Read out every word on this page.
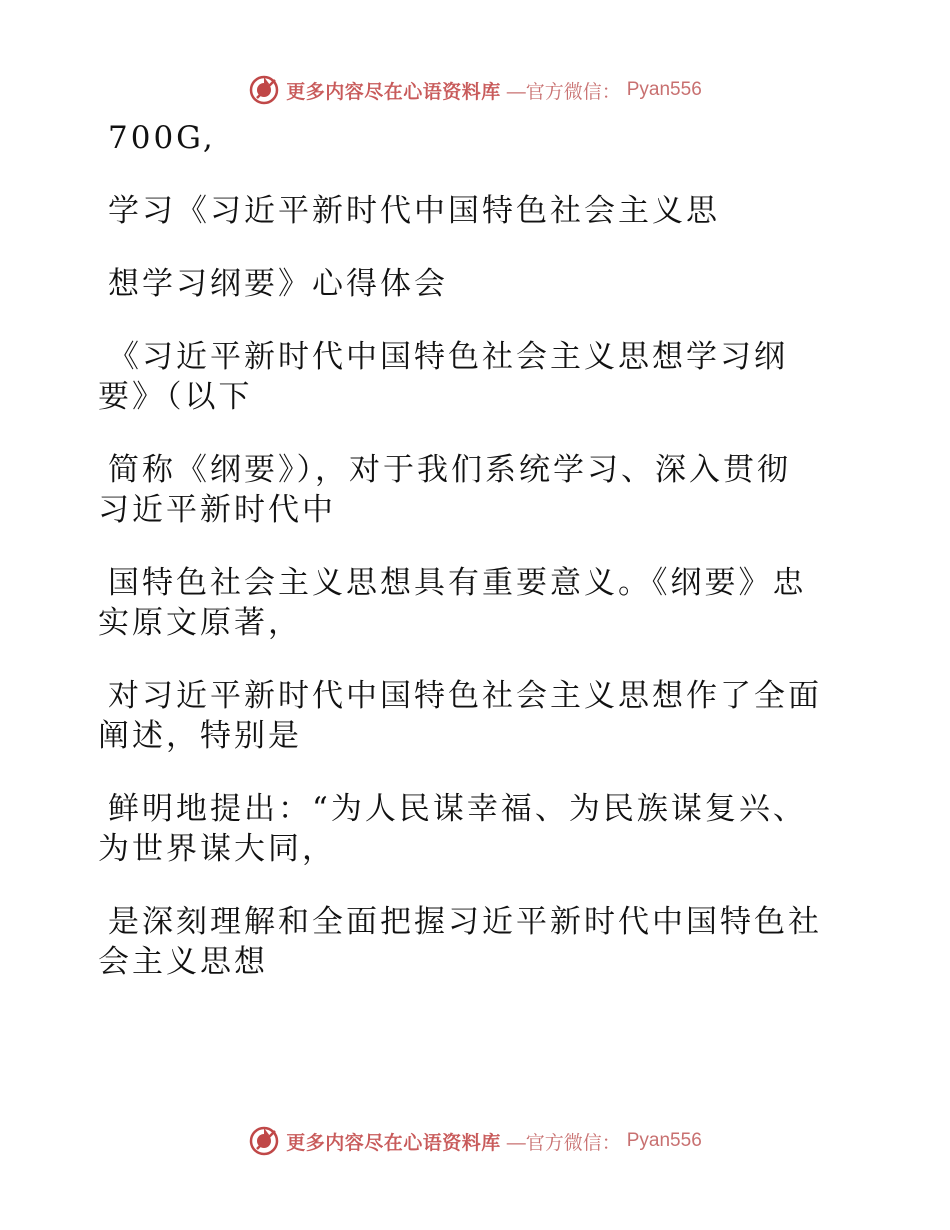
更多内容尽在心语资料库 —官方微信： Pyan556
700G,
学习《习近平新时代中国特色社会主义思
想学习纲要》心得体会
《习近平新时代中国特色社会主义思想学习纲
要》（以下
简称《纲要》），对于我们系统学习、深入贯彻
习近平新时代中
国特色社会主义思想具有重要意义。《纲要》忠
实原文原著，
对习近平新时代中国特色社会主义思想作了全面
阐述，特别是
鲜明地提出：“为人民谋幸福、为民族谋复兴、
为世界谋大同，
是深刻理解和全面把握习近平新时代中国特色社
会主义思想
更多内容尽在心语资料库 —官方微信： Pyan556
